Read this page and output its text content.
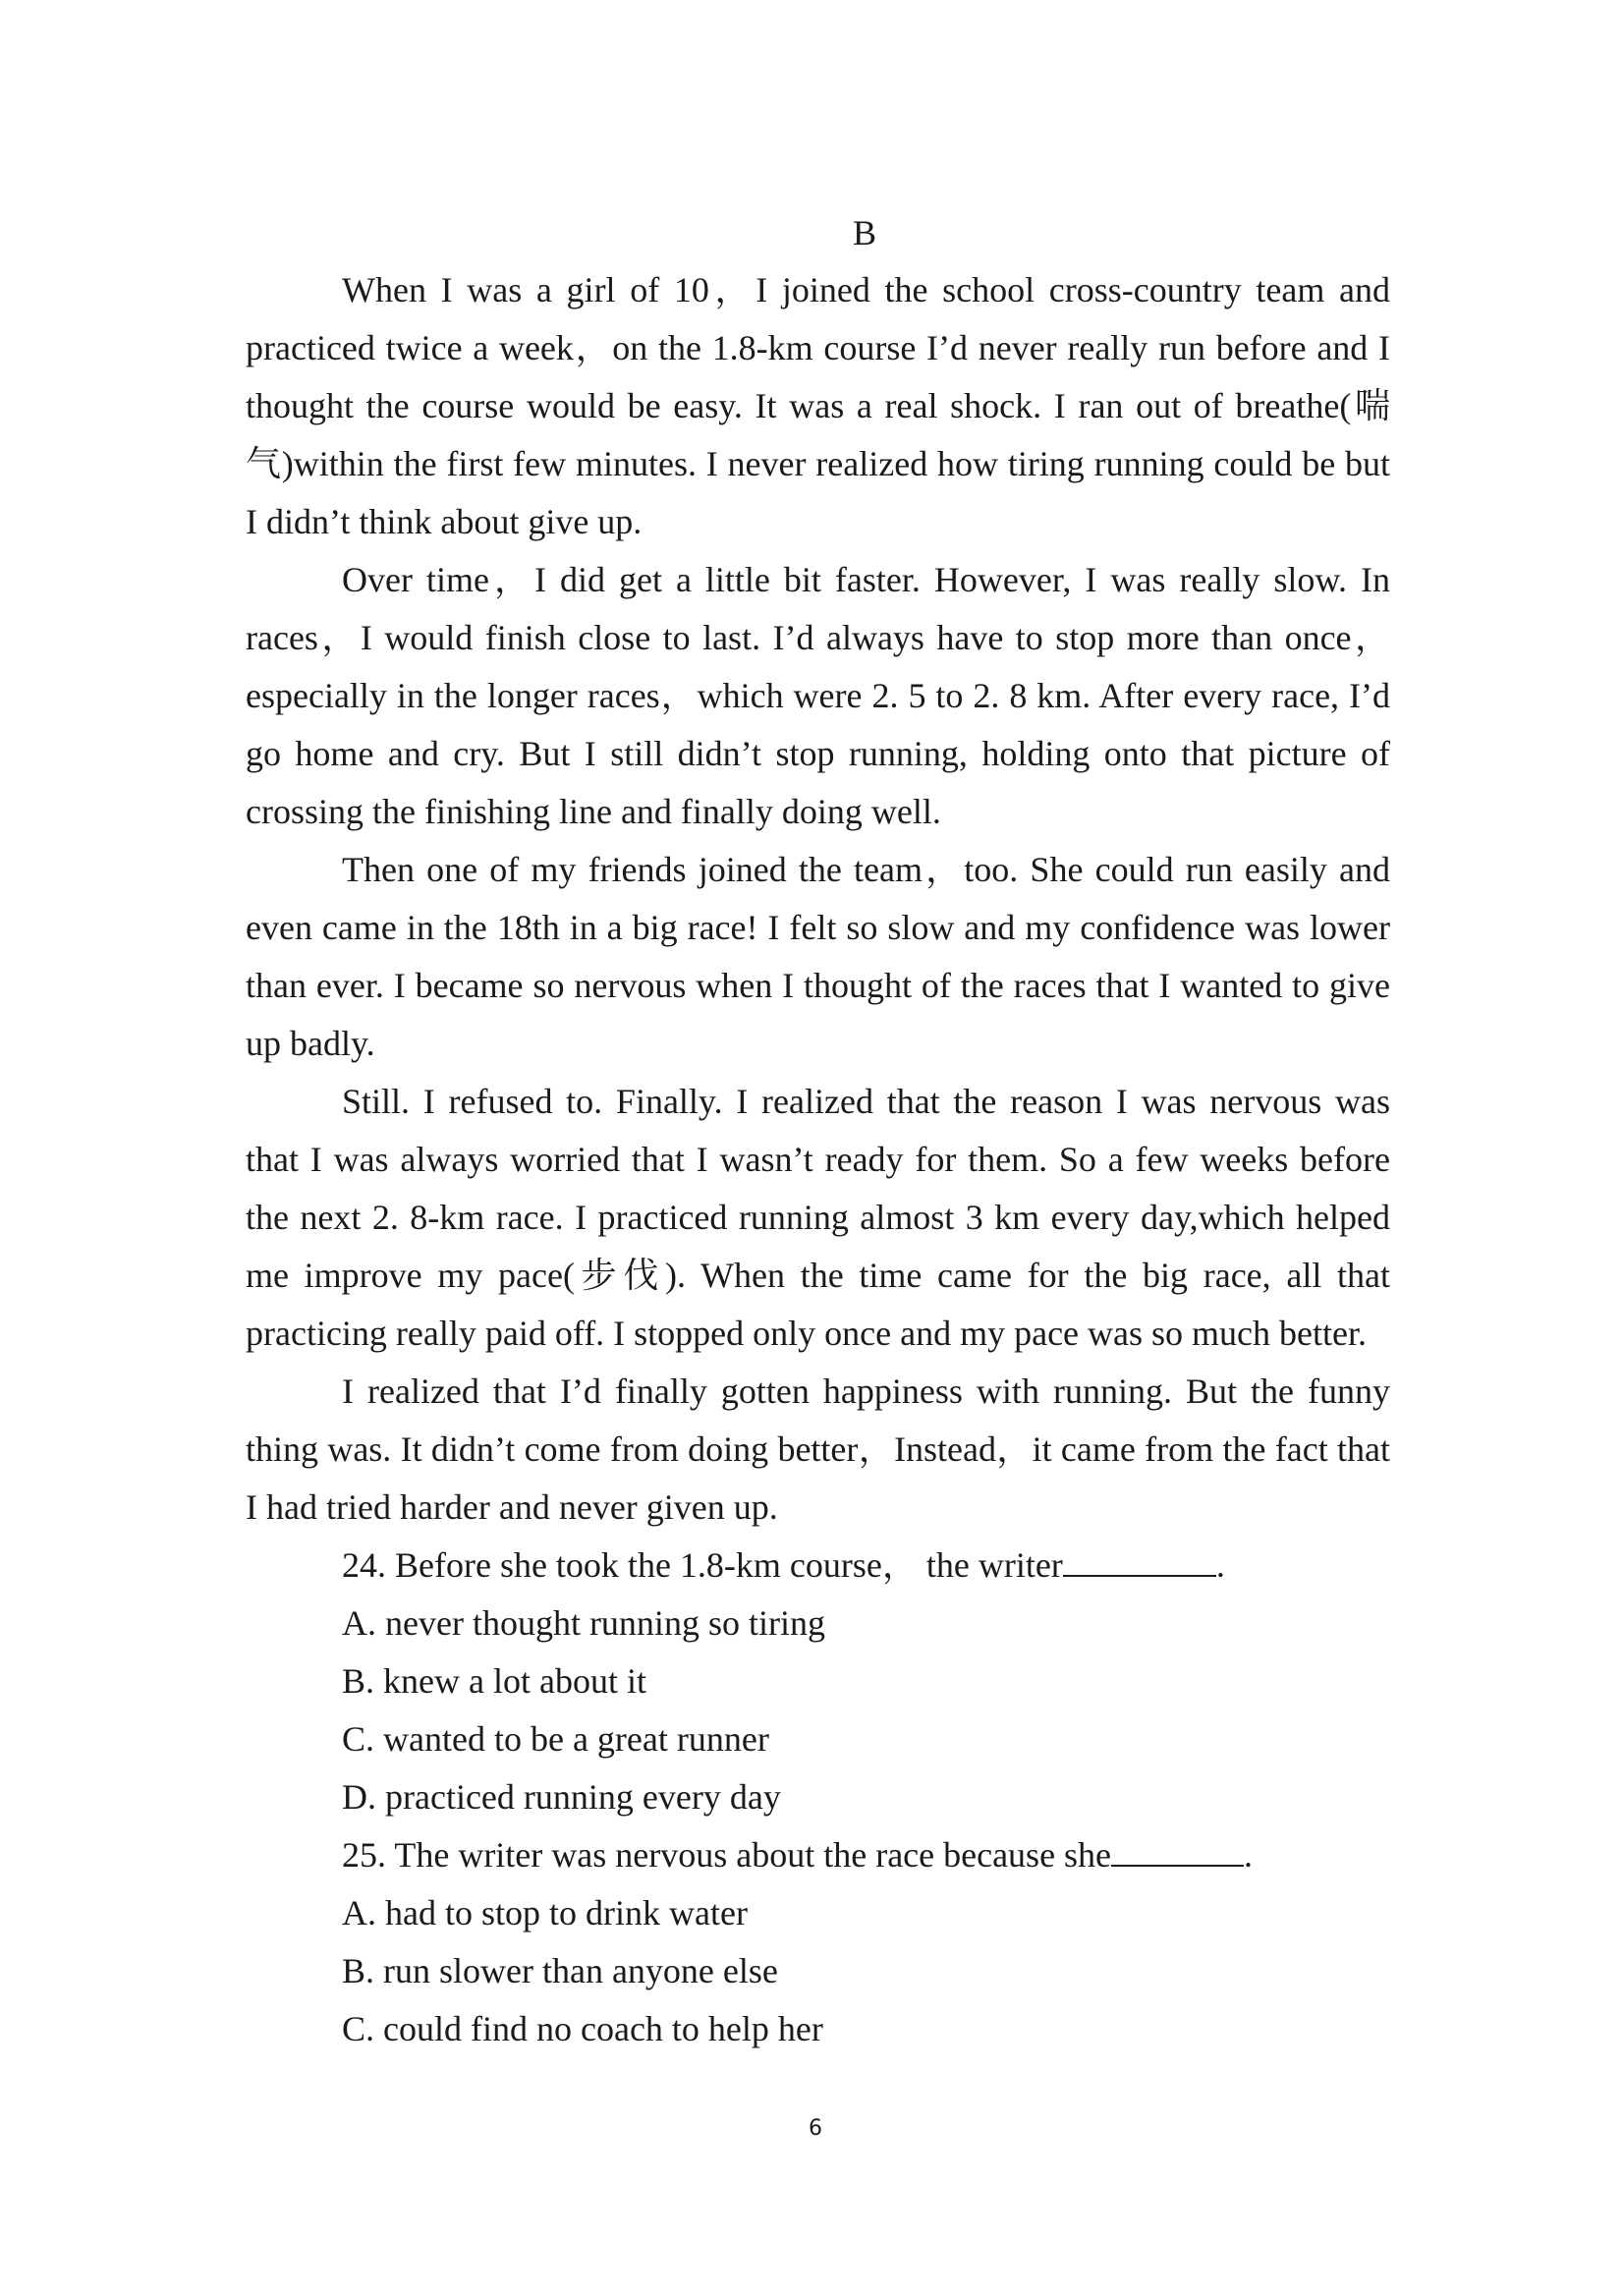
B

When I was a girl of 10，I joined the school cross-country team and practiced twice a week，on the 1.8-km course I’d never really run before and I thought the course would be easy. It was a real shock. I ran out of breathe(喘气)within the first few minutes. I never realized how tiring running could be but I didn’t think about give up.

Over time，I did get a little bit faster. However, I was really slow. In races，I would finish close to last. I’d always have to stop more than once，especially in the longer races，which were 2. 5 to 2. 8 km. After every race, I’d go home and cry. But I still didn’t stop running, holding onto that picture of crossing the finishing line and finally doing well.

Then one of my friends joined the team，too. She could run easily and even came in the 18th in a big race! I felt so slow and my confidence was lower than ever. I became so nervous when I thought of the races that I wanted to give up badly.

Still. I refused to. Finally. I realized that the reason I was nervous was that I was always worried that I wasn’t ready for them. So a few weeks before the next 2. 8-km race. I practiced running almost 3 km every day,which helped me improve my pace(步伐). When the time came for the big race, all that practicing really paid off. I stopped only once and my pace was so much better.

I realized that I’d finally gotten happiness with running. But the funny thing was. It didn’t come from doing better，Instead，it came from the fact that I had tried harder and never given up.

24. Before she took the 1.8-km course， the writer	.

A. never thought running so tiring

B. knew a lot about it

C. wanted to be a great runner

D. practiced running every day

25. The writer was nervous about the race because she	.

A. had to stop to drink water

B. run slower than anyone else

C. could find no coach to help her

6
